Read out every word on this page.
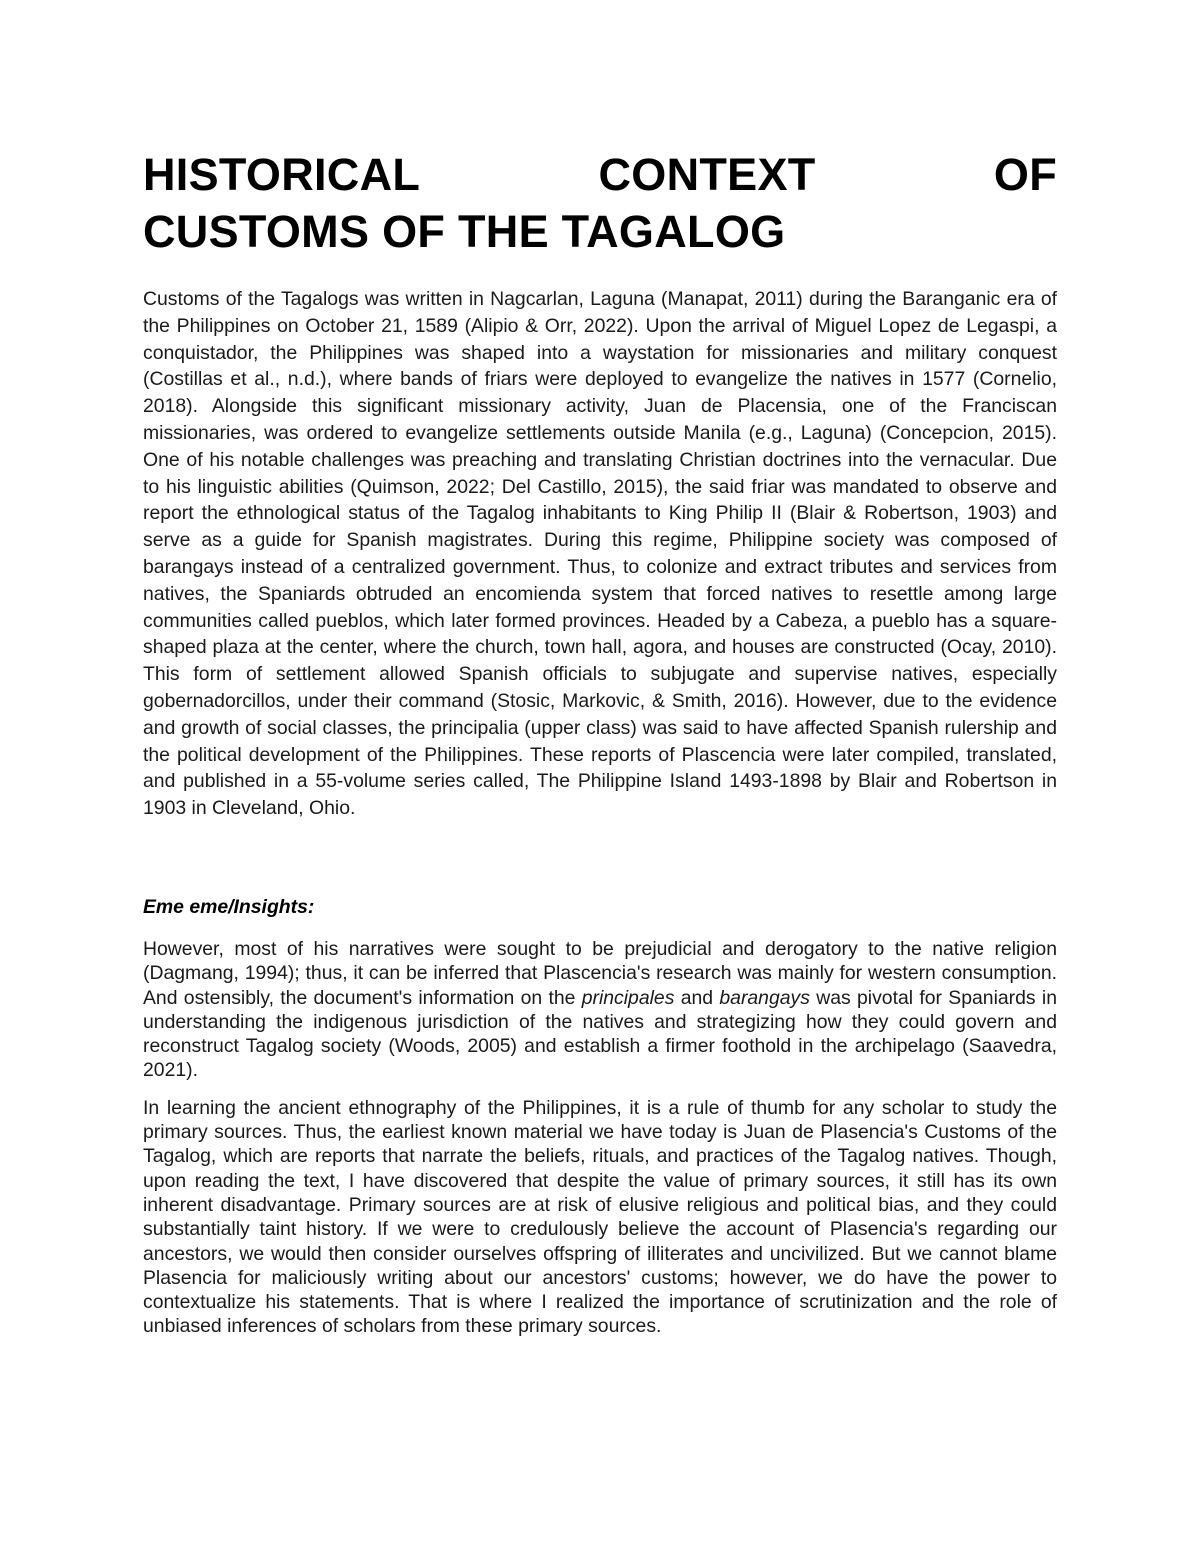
HISTORICAL	CONTEXT	OF
CUSTOMS OF THE TAGALOG

Customs of the Tagalogs was written in Nagcarlan, Laguna (Manapat, 2011) during the Baranganic era of the Philippines on October 21, 1589 (Alipio & Orr, 2022). Upon the arrival of Miguel Lopez de Legaspi, a conquistador, the Philippines was shaped into a waystation for missionaries and military conquest (Costillas et al., n.d.), where bands of friars were deployed to evangelize the natives in 1577 (Cornelio, 2018). Alongside this significant missionary activity, Juan de Placensia, one of the Franciscan missionaries, was ordered to evangelize settlements outside Manila (e.g., Laguna) (Concepcion, 2015). One of his notable challenges was preaching and translating Christian doctrines into the vernacular. Due to his linguistic abilities (Quimson, 2022; Del Castillo, 2015), the said friar was mandated to observe and report the ethnological status of the Tagalog inhabitants to King Philip II (Blair & Robertson, 1903) and serve as a guide for Spanish magistrates. During this regime, Philippine society was composed of barangays instead of a centralized government. Thus, to colonize and extract tributes and services from natives, the Spaniards obtruded an encomienda system that forced natives to resettle among large communities called pueblos, which later formed provinces. Headed by a Cabeza, a pueblo has a square-shaped plaza at the center, where the church, town hall, agora, and houses are constructed (Ocay, 2010). This form of settlement allowed Spanish officials to subjugate and supervise natives, especially gobernadorcillos, under their command (Stosic, Markovic, & Smith, 2016). However, due to the evidence and growth of social classes, the principalia (upper class) was said to have affected Spanish rulership and the political development of the Philippines. These reports of Plascencia were later compiled, translated, and published in a 55-volume series called, The Philippine Island 1493-1898 by Blair and Robertson in 1903 in Cleveland, Ohio.

Eme eme/Insights:

However, most of his narratives were sought to be prejudicial and derogatory to the native religion (Dagmang, 1994); thus, it can be inferred that Plascencia's research was mainly for western consumption. And ostensibly, the document's information on the principales and barangays was pivotal for Spaniards in understanding the indigenous jurisdiction of the natives and strategizing how they could govern and reconstruct Tagalog society (Woods, 2005) and establish a firmer foothold in the archipelago (Saavedra, 2021).

In learning the ancient ethnography of the Philippines, it is a rule of thumb for any scholar to study the primary sources. Thus, the earliest known material we have today is Juan de Plasencia's Customs of the Tagalog, which are reports that narrate the beliefs, rituals, and practices of the Tagalog natives. Though, upon reading the text, I have discovered that despite the value of primary sources, it still has its own inherent disadvantage. Primary sources are at risk of elusive religious and political bias, and they could substantially taint history. If we were to credulously believe the account of Plasencia's regarding our ancestors, we would then consider ourselves offspring of illiterates and uncivilized. But we cannot blame Plasencia for maliciously writing about our ancestors' customs; however, we do have the power to contextualize his statements. That is where I realized the importance of scrutinization and the role of unbiased inferences of scholars from these primary sources.
